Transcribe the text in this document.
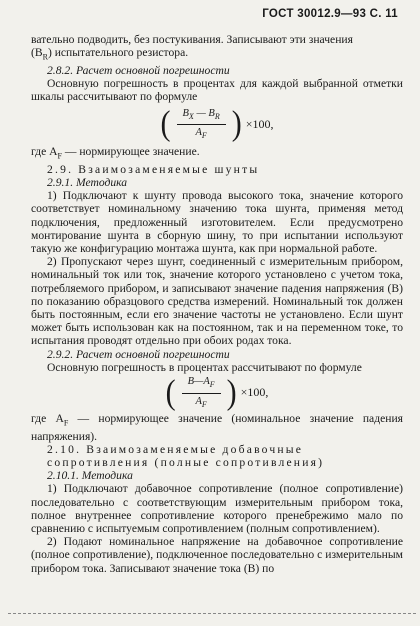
ГОСТ 30012.9—93 С. 11

вательно подводить, без постукивания. Записывают эти значения

$(B_R)$ испытательного резистора.

2.8.2. Расчет основной погрешности

Основную погрешность в процентах для каждой выбранной отметки шкалы рассчитывают по формуле

( $\frac{B_X — B_R}{A_F}$ ) ×100,

где $A_F$ — нормирующее значение.

2.9. Взаимозаменяемые шунты

2.9.1. Методика

1) Подключают к шунту провода высокого тока, значение которого соответствует номинальному значению тока шунта, применяя метод подключения, предложенный изготовителем. Если предусмотрено монтирование шунта в сборную шину, то при испытании используют такую же конфигурацию монтажа шунта, как при нормальной работе.

2) Пропускают через шунт, соединенный с измерительным прибором, номинальный ток или ток, значение которого установлено с учетом тока, потребляемого прибором, и записывают значение падения напряжения (B) по показанию образцового средства измерений. Номинальный ток должен быть постоянным, если его значение частоты не установлено. Если шунт может быть использован как на постоянном, так и на переменном токе, то испытания проводят отдельно при обоих родах тока.

2.9.2. Расчет основной погрешности

Основную погрешность в процентах рассчитывают по формуле

( $\frac{B—A_F}{A_F}$ ) ×100,

где $A_F$ — нормирующее значение (номинальное значение падения напряжения).

2.10. Взаимозаменяемые добавочные сопротивления (полные сопротивления)

2.10.1. Методика

1) Подключают добавочное сопротивление (полное сопротивление) последовательно с соответствующим измерительным прибором тока, полное внутреннее сопротивление которого пренебрежимо мало по сравнению с испытуемым сопротивлением (полным сопротивлением).

2) Подают номинальное напряжение на добавочное сопротивление (полное сопротивление), подключенное последовательно с измерительным прибором тока. Записывают значение тока (B) по
